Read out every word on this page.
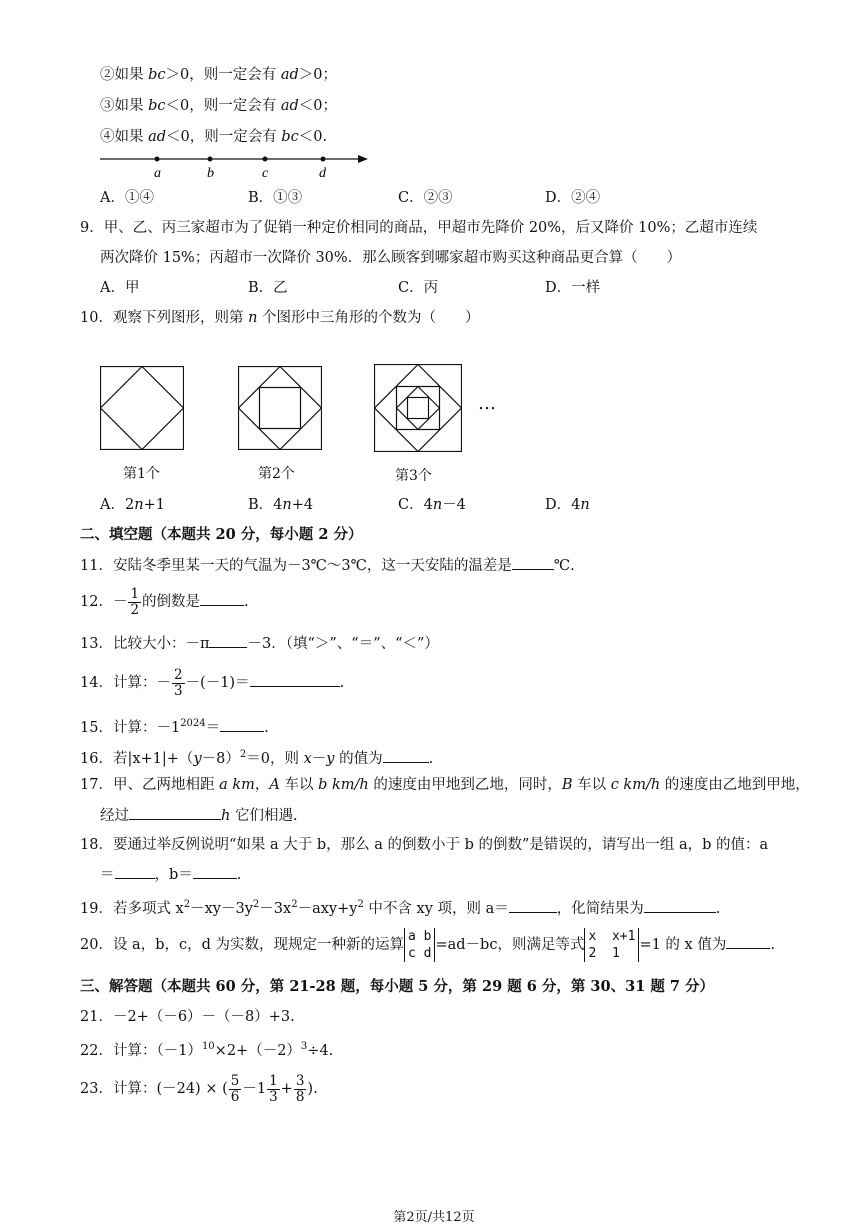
②如果 bc＞0，则一定会有 ad＞0；
③如果 bc＜0，则一定会有 ad＜0；
④如果 ad＜0，则一定会有 bc＜0.
a	b	c	d
A．①④	B．①③	C．②③	D．②④
9．甲、乙、丙三家超市为了促销一种定价相同的商品，甲超市先降价 20%，后又降价 10%；乙超市连续
两次降价 15%；丙超市一次降价 30%．那么顾客到哪家超市购买这种商品更合算（　　）
A．甲	B．乙	C．丙	D．一样
10．观察下列图形，则第 n 个图形中三角形的个数为（　　）
…
第1个	第2个	第3个
A．2n+1	B．4n+4	C．4n－4	D．4n
二、填空题（本题共 20 分，每小题 2 分）
11．安陆冬季里某一天的气温为－3℃～3℃，这一天安陆的温差是	℃.
12．－ $\frac{1}{2}$ 的倒数是	.
13．比较大小：－π	－3．（填“＞”、“＝”、“＜”）
14．计算：－ $\frac{2}{3} -(-1)=$	.
15．计算：$-1^{2024}=$	.
16．若$|x+1|+(y-8)^2=0$，则 x－y 的值为	.
17．甲、乙两地相距 a km，A 车以 b km/h 的速度由甲地到乙地，同时，B 车以 c km/h 的速度由乙地到甲地，
经过	h 它们相遇.
18．要通过举反例说明“如果 a 大于 b，那么 a 的倒数小于 b 的倒数”是错误的，请写出一组 a，b 的值：a
＝	，b＝	.
19．若多项式 $x^2-xy-3y^2-3x^2-axy+y^2$ 中不含 xy 项，则 a＝	，化简结果为	.
20．设 a，b，c，d 为实数，现规定一种新的运算
a b
c d
=ad－bc，则满足等式
x  x+1
2  1
=1 的 x 值为	.
三、解答题（本题共 60 分，第 21-28 题，每小题 5 分，第 29 题 6 分，第 30、31 题 7 分）
21．－2+（－6）－（－8）+3.
22．计算：$(-1)^{10}\times 2+(-2)^3\div 4$.
23．计算：(－24) × ( $\frac{5}{6} -1 \frac{1}{3} + \frac{3}{8}$ ).
第2页/共12页
